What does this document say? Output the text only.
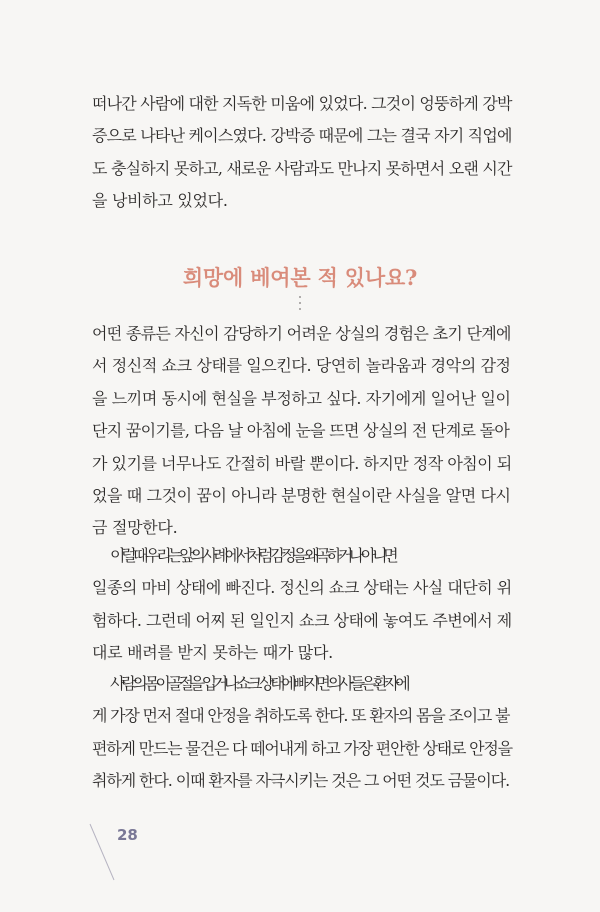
떠나간 사람에 대한 지독한 미움에 있었다. 그것이 엉뚱하게 강박
증으로 나타난 케이스였다. 강박증 때문에 그는 결국 자기 직업에
도 충실하지 못하고, 새로운 사람과도 만나지 못하면서 오랜 시간
을 낭비하고 있었다.

희망에 베여본 적 있나요?

어떤 종류든 자신이 감당하기 어려운 상실의 경험은 초기 단계에
서 정신적 쇼크 상태를 일으킨다. 당연히 놀라움과 경악의 감정
을 느끼며 동시에 현실을 부정하고 싶다. 자기에게 일어난 일이
단지 꿈이기를, 다음 날 아침에 눈을 뜨면 상실의 전 단계로 돌아
가 있기를 너무나도 간절히 바랄 뿐이다. 하지만 정작 아침이 되
었을 때 그것이 꿈이 아니라 분명한 현실이란 사실을 알면 다시
금 절망한다.

이럴 때 우리는 앞의 사례에서처럼 감정을 왜곡하거나 아니면
일종의 마비 상태에 빠진다. 정신의 쇼크 상태는 사실 대단히 위
험하다. 그런데 어찌 된 일인지 쇼크 상태에 놓여도 주변에서 제
대로 배려를 받지 못하는 때가 많다.

사람의 몸이 골절을 입거나 쇼크 상태에 빠지면 의사들은 환자에
게 가장 먼저 절대 안정을 취하도록 한다. 또 환자의 몸을 조이고 불
편하게 만드는 물건은 다 떼어내게 하고 가장 편안한 상태로 안정을
취하게 한다. 이때 환자를 자극시키는 것은 그 어떤 것도 금물이다.

28
